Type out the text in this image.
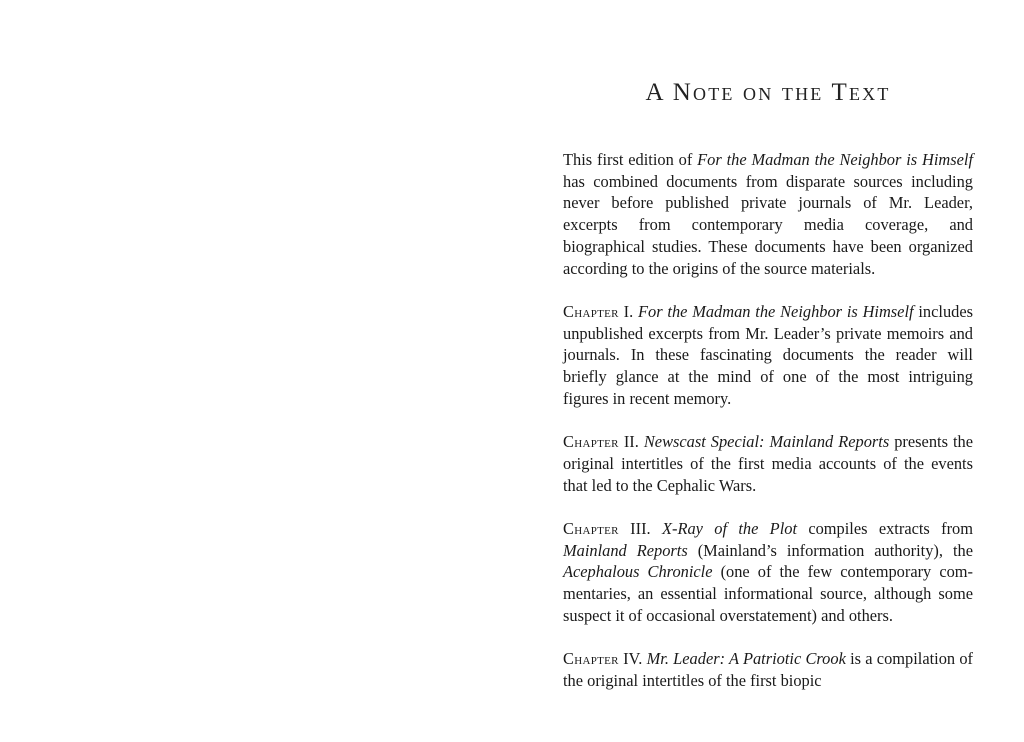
A Note on the Text

This first edition of For the Madman the Neighbor is Himself has combined documents from disparate sources including never before published private journals of Mr. Leader, excerpts from contemporary media coverage, and biographical studies. These documents have been organized according to the origins of the source materials.

Chapter I. For the Madman the Neighbor is Himself includes unpublished excerpts from Mr. Leader’s private memoirs and journals. In these fascinating documents the reader will briefly glance at the mind of one of the most intriguing figures in recent memory.

Chapter II. Newscast Special: Mainland Reports presents the original intertitles of the first media accounts of the events that led to the Cephalic Wars.

Chapter III. X-Ray of the Plot compiles extracts from Mainland Reports (Mainland’s information authority), the Acephalous Chronicle (one of the few contemporary commentaries, an essential informational source, although some suspect it of occasional overstatement) and others.

Chapter IV. Mr. Leader: A Patriotic Crook is a compilation of the original intertitles of the first biopic
